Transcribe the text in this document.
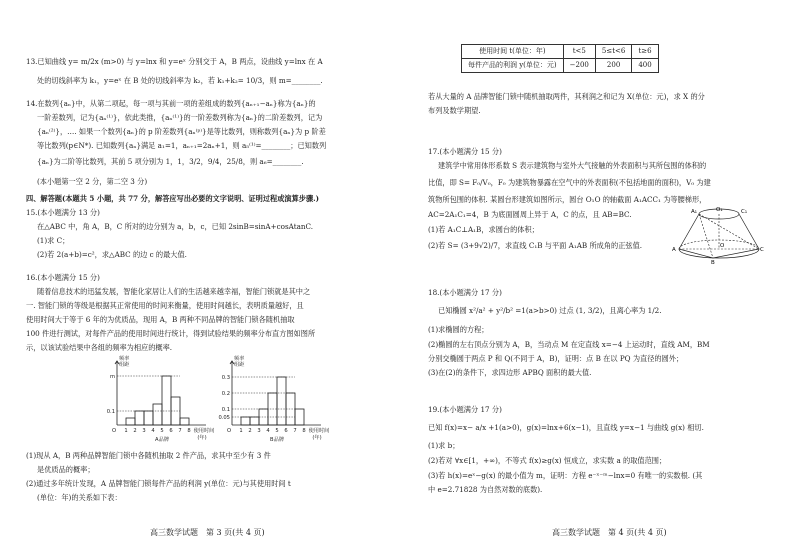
13.已知曲线 y= m/2x (m>0) 与 y=lnx 和 y=eˣ 分别交于 A，B 两点，设曲线 y=lnx 在 A
处的切线斜率为 k₁，y=eˣ 在 B 处的切线斜率为 k₂，若 k₁+k₂= 10/3，则 m=________.
14.在数列{aₙ}中，从第二项起，每一项与其前一项的差组成的数列{aₙ₊₁−aₙ}称为{aₙ}的
一阶差数列，记为{aₙ⁽¹⁾}，依此类推，{aₙ⁽¹⁾}的一阶差数列称为{aₙ}的二阶差数列，记为
{aₙ⁽²⁾}，…. 如果一个数列{aₙ}的 p 阶差数列{aₙ⁽ᵖ⁾}是等比数列，则称数列{aₙ}为 p 阶差
等比数列(p∈N*). 已知数列{aₙ}满足 a₁=1，aₙ₊₁=2aₙ+1，则 a₅⁽¹⁾=________；已知数列
{aₙ}为二阶等比数列，其前 5 项分别为 1，1，3/2，9/4，25/8，则 a₆=________.
(本小题第一空 2 分，第二空 3 分)
四、解答题(本题共 5 小题，共 77 分，解答应写出必要的文字说明、证明过程或演算步骤.)
15.(本小题满分 13 分)
在△ABC 中，角 A，B，C 所对的边分别为 a，b，c，已知 2sinB=sinA+cosAtanC.
(1)求 C；
(2)若 2(a+b)=c²，求△ABC 的边 c 的最大值.
16.(本小题满分 15 分)
随着信息技术的迅猛发展，智能化家居让人们的生活越来越幸福，智能门锁就是其中之
一. 智能门锁的等级是根据其正常使用的时间来衡量，使用时间越长，表明质量越好，且
使用时间大于等于 6 年的为优质品，现用 A，B 两种不同品牌的智能门锁各随机抽取
100 件进行测试，对每件产品的使用时间进行统计，得到试验结果的频率分布直方图如图所
示，以该试验结果中各组的频率为相应的概率.
O 1 2 3 4 5 6 7 8
m
0.1
频率
组距
使用时间
(年)
A品牌
O 1 2 3 4 5 6 7 8
0.3
0.2
0.1
0.05
频率
组距
使用时间
(年)
B品牌
(1)现从 A，B 两种品牌智能门锁中各随机抽取 2 件产品，求其中至少有 3 件
是优质品的概率；
(2)通过多年统计发现，A 品牌智能门锁每件产品的利润 y(单位：元)与其使用时间 t
(单位：年)的关系如下表：
高三数学试题　第 3 页(共 4 页)
使用时间 t(单位：年)	t<5	5≤t<6	t≥6
每件产品的利润 y(单位：元)	−200	200	400
若从大量的 A 品牌智能门锁中随机抽取两件，其利润之和记为 X(单位：元)，求 X 的分
布列及数学期望.
17.(本小题满分 15 分)
建筑学中常用体形系数 S 表示建筑物与室外大气接触的外表面积与其所包围的体积的
比值，即 S= F₀/V₀，F₀ 为建筑物暴露在空气中的外表面积(不包括地面的面积)，V₀ 为建
筑物所包围的体积. 某圆台形建筑如图所示，圆台 O₁O 的轴截面 A₁ACC₁ 为等腰梯形，
AC=2A₁C₁=4，B 为底面圆周上异于 A，C 的点，且 AB=BC.
(1)若 A₁C⊥A₁B，求圆台的体积；
(2)若 S= (3+9√2)/7，求直线 C₁B 与平面 A₁AB 所成角的正弦值.
A₁	O₁	C₁
A
O
C
B
18.(本小题满分 17 分)
已知椭圆 x²/a² + y²/b² =1(a>b>0) 过点 (1, 3/2)，且离心率为 1/2.
(1)求椭圆的方程；
(2)椭圆的左右顶点分别为 A，B，当动点 M 在定直线 x=−4 上运动时，直线 AM，BM
分别交椭圆于两点 P 和 Q(不同于 A，B)，证明：点 B 在以 PQ 为直径的圆外；
(3)在(2)的条件下，求四边形 APBQ 面积的最大值.
19.(本小题满分 17 分)
已知 f(x)=x− a/x +1(a>0)，g(x)=lnx+6(x−1)，且直线 y=x−1 与曲线 g(x) 相切.
(1)求 b；
(2)若对 ∀x∈[1，+∞)，不等式 f(x)≥g(x) 恒成立，求实数 a 的取值范围；
(3)若 h(x)=eˣ−g(x) 的最小值为 m，证明：方程 e⁻ˣ⁻ᵐ−lnx=0 有唯一的实数根. (其
中 e=2.71828 为自然对数的底数).
高三数学试题　第 4 页(共 4 页)
